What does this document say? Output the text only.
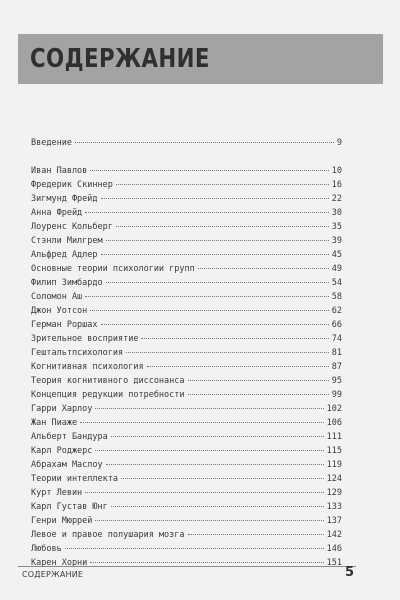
СОДЕРЖАНИЕ
Введение	9
Иван Павлов	10
Фредерик Скиннер	16
Зигмунд Фрейд	22
Анна Фрейд	30
Лоуренс Кольберг	35
Стэнли Милгрем	39
Альфред Адлер	45
Основные теории психологии групп	49
Филип Зимбардо	54
Соломон Аш	58
Джон Уотсон	62
Герман Роршах	66
Зрительное восприятие	74
Гештальтпсихология	81
Когнитивная психология	87
Теория когнитивного диссонанса	95
Концепция редукции потребности	99
Гарри Харлоу	102
Жан Пиаже	106
Альберт Бандура	111
Карл Роджерс	115
Абрахам Маслоу	119
Теории интеллекта	124
Курт Левин	129
Карл Густав Юнг	133
Генри Мюррей	137
Левое и правое полушария мозга	142
Любовь	146
Карен Хорни	151
СОДЕРЖАНИЕ	5
